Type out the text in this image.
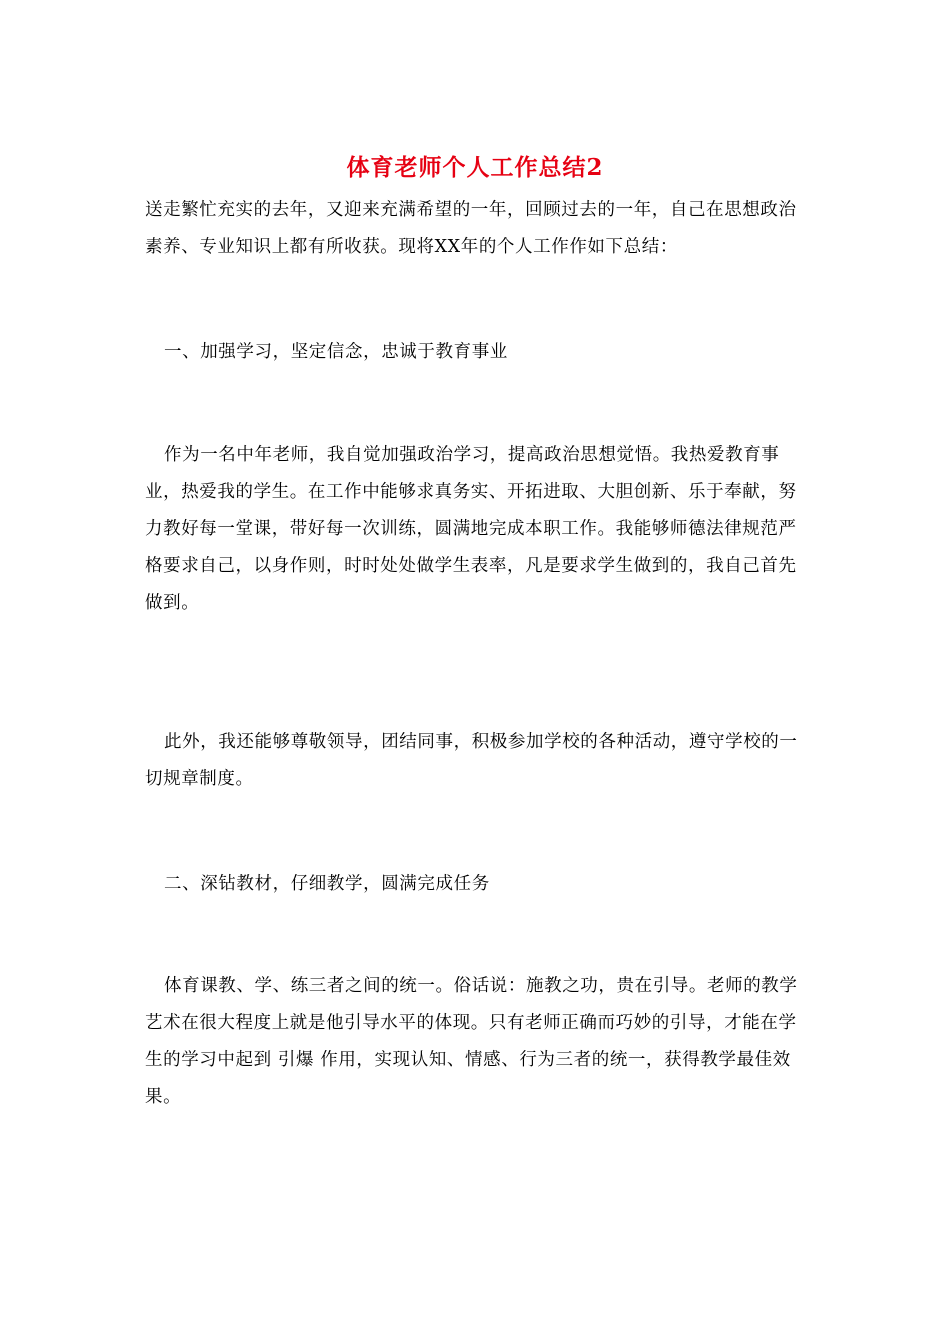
体育老师个人工作总结2
送走繁忙充实的去年，又迎来充满希望的一年，回顾过去的一年，自己在思想政治素养、专业知识上都有所收获。现将XX年的个人工作作如下总结：
一、加强学习，坚定信念，忠诚于教育事业
作为一名中年老师，我自觉加强政治学习，提高政治思想觉悟。我热爱教育事业，热爱我的学生。在工作中能够求真务实、开拓进取、大胆创新、乐于奉献，努力教好每一堂课，带好每一次训练，圆满地完成本职工作。我能够师德法律规范严格要求自己，以身作则，时时处处做学生表率，凡是要求学生做到的，我自己首先做到。
此外，我还能够尊敬领导，团结同事，积极参加学校的各种活动，遵守学校的一切规章制度。
二、深钻教材，仔细教学，圆满完成任务
体育课教、学、练三者之间的统一。俗话说：施教之功，贵在引导。老师的教学艺术在很大程度上就是他引导水平的体现。只有老师正确而巧妙的引导，才能在学生的学习中起到 引爆 作用，实现认知、情感、行为三者的统一，获得教学最佳效果。
